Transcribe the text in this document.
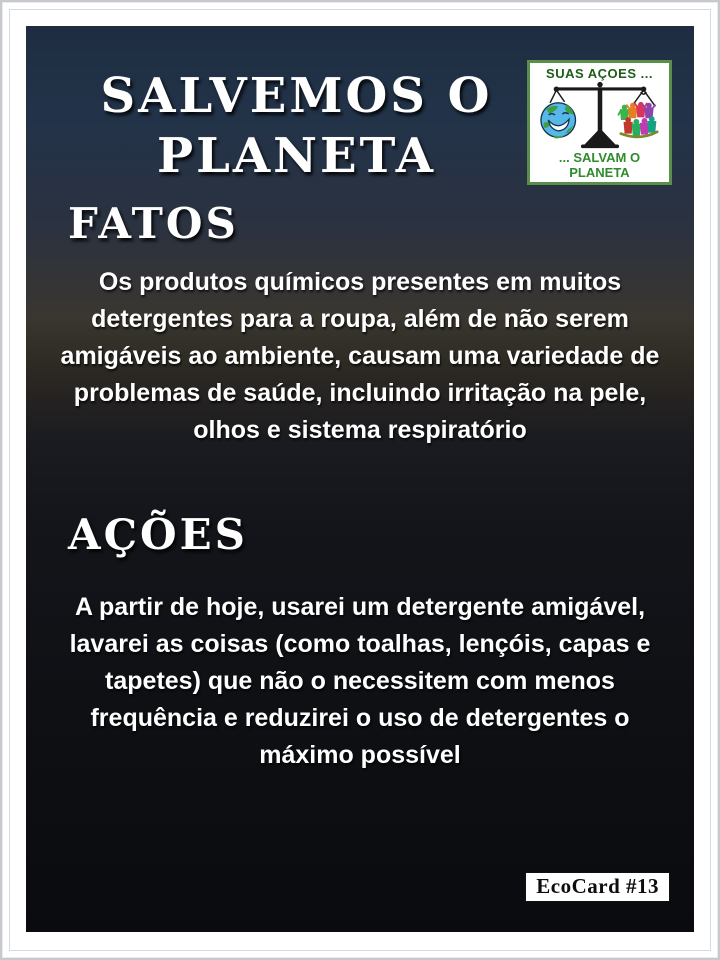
SALVEMOS O
PLANETA
SUAS AÇOES ...
... SALVAM O
PLANETA
FATOS
Os produtos químicos presentes em muitos detergentes para a roupa, além de não serem amigáveis ao ambiente, causam uma variedade de problemas de saúde, incluindo irritação na pele, olhos e sistema respiratório
AÇÕES
A partir de hoje, usarei um detergente amigável, lavarei as coisas (como toalhas, lençóis, capas e tapetes) que não o necessitem com menos frequência e reduzirei o uso de detergentes o máximo possível
EcoCard #13
